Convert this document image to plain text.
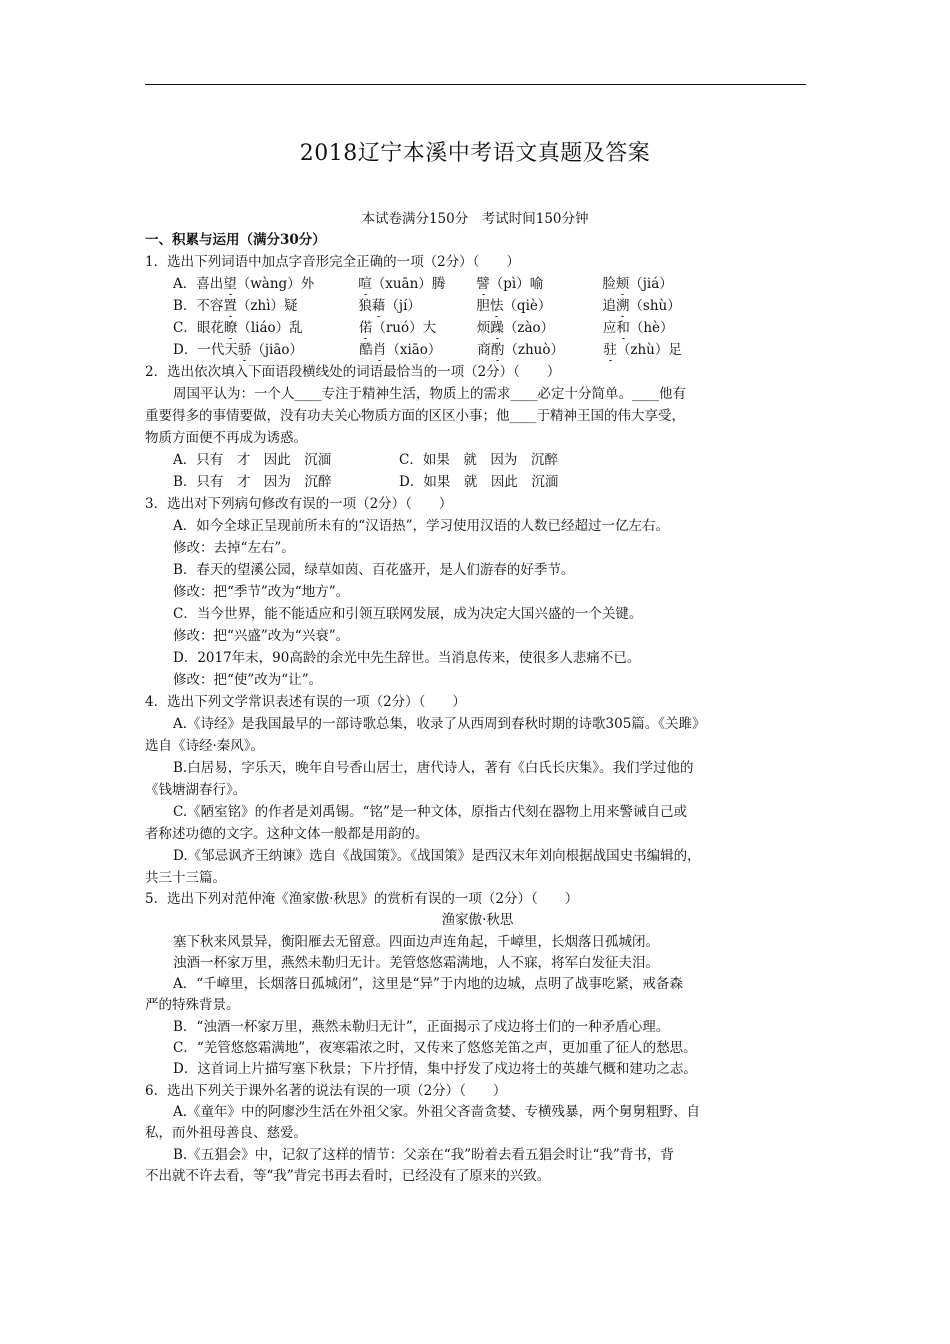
2018辽宁本溪中考语文真题及答案
本试卷满分150分　考试时间150分钟
一、积累与运用（满分30分）
1．选出下列词语中加点字音形完全正确的一项（2分）（　　）
A．喜出望（wàng）外	喧（xuān）腾 譬（pì）喻	脸颊（jiá）
B．不容置（zhì）疑	狼藉（jí）	胆怯（qiè）	追溯（shù）
C．眼花瞭（liáo）乱	偌（ruó）大	烦躁（zào）	应和（hè）
D．一代天骄（jiāo）	酷肖（xiāo）	商酌（zhuò）	驻（zhù）足
2．选出依次填入下面语段横线处的词语最恰当的一项（2分）（　　）
周国平认为：一个人____专注于精神生活，物质上的需求____必定十分简单。____他有
重要得多的事情要做，没有功夫关心物质方面的区区小事；他____于精神王国的伟大享受，
物质方面便不再成为诱惑。
A．只有　才　因此　沉湎	C．如果　就　因为　沉醉
B．只有　才　因为　沉醉	D．如果　就　因此　沉湎
3．选出对下列病句修改有误的一项（2分）（　　）
A．如今全球正呈现前所未有的“汉语热”，学习使用汉语的人数已经超过一亿左右。
修改：去掉“左右”。
B．春天的望溪公园，绿草如茵、百花盛开，是人们游春的好季节。
修改：把“季节”改为“地方”。
C．当今世界，能不能适应和引领互联网发展，成为决定大国兴盛的一个关键。
修改：把“兴盛”改为“兴衰”。
D．2017年末，90高龄的余光中先生辞世。当消息传来，使很多人悲痛不已。
修改：把“使”改为“让”。
4．选出下列文学常识表述有误的一项（2分）（　　）
A.《诗经》是我国最早的一部诗歌总集，收录了从西周到春秋时期的诗歌305篇。《关雎》
选自《诗经·秦风》。
B.白居易，字乐天，晚年自号香山居士，唐代诗人，著有《白氏长庆集》。我们学过他的
《钱塘湖春行》。
C.《陋室铭》的作者是刘禹锡。“铭”是一种文体，原指古代刻在器物上用来警诫自己或
者称述功德的文字。这种文体一般都是用韵的。
D.《邹忌讽齐王纳谏》选自《战国策》。《战国策》是西汉末年刘向根据战国史书编辑的，
共三十三篇。
5．选出下列对范仲淹《渔家傲·秋思》的赏析有误的一项（2分）（　　）
渔家傲·秋思
塞下秋来风景异，衡阳雁去无留意。四面边声连角起，千嶂里，长烟落日孤城闭。
浊酒一杯家万里，燕然未勒归无计。羌管悠悠霜满地，人不寐，将军白发征夫泪。
A．“千嶂里，长烟落日孤城闭”，这里是“异”于内地的边城，点明了战事吃紧，戒备森
严的特殊背景。
B．“浊酒一杯家万里，燕然未勒归无计”，正面揭示了戍边将士们的一种矛盾心理。
C．“羌管悠悠霜满地”，夜寒霜浓之时，又传来了悠悠羌笛之声，更加重了征人的愁思。
D．这首词上片描写塞下秋景；下片抒情，集中抒发了戍边将士的英雄气概和建功之志。
6．选出下列关于课外名著的说法有误的一项（2分）（　　）
A.《童年》中的阿廖沙生活在外祖父家。外祖父吝啬贪婪、专横残暴，两个舅舅粗野、自
私，而外祖母善良、慈爱。
B.《五猖会》中，记叙了这样的情节：父亲在“我”盼着去看五猖会时让“我”背书，背
不出就不许去看，等“我”背完书再去看时，已经没有了原来的兴致。
